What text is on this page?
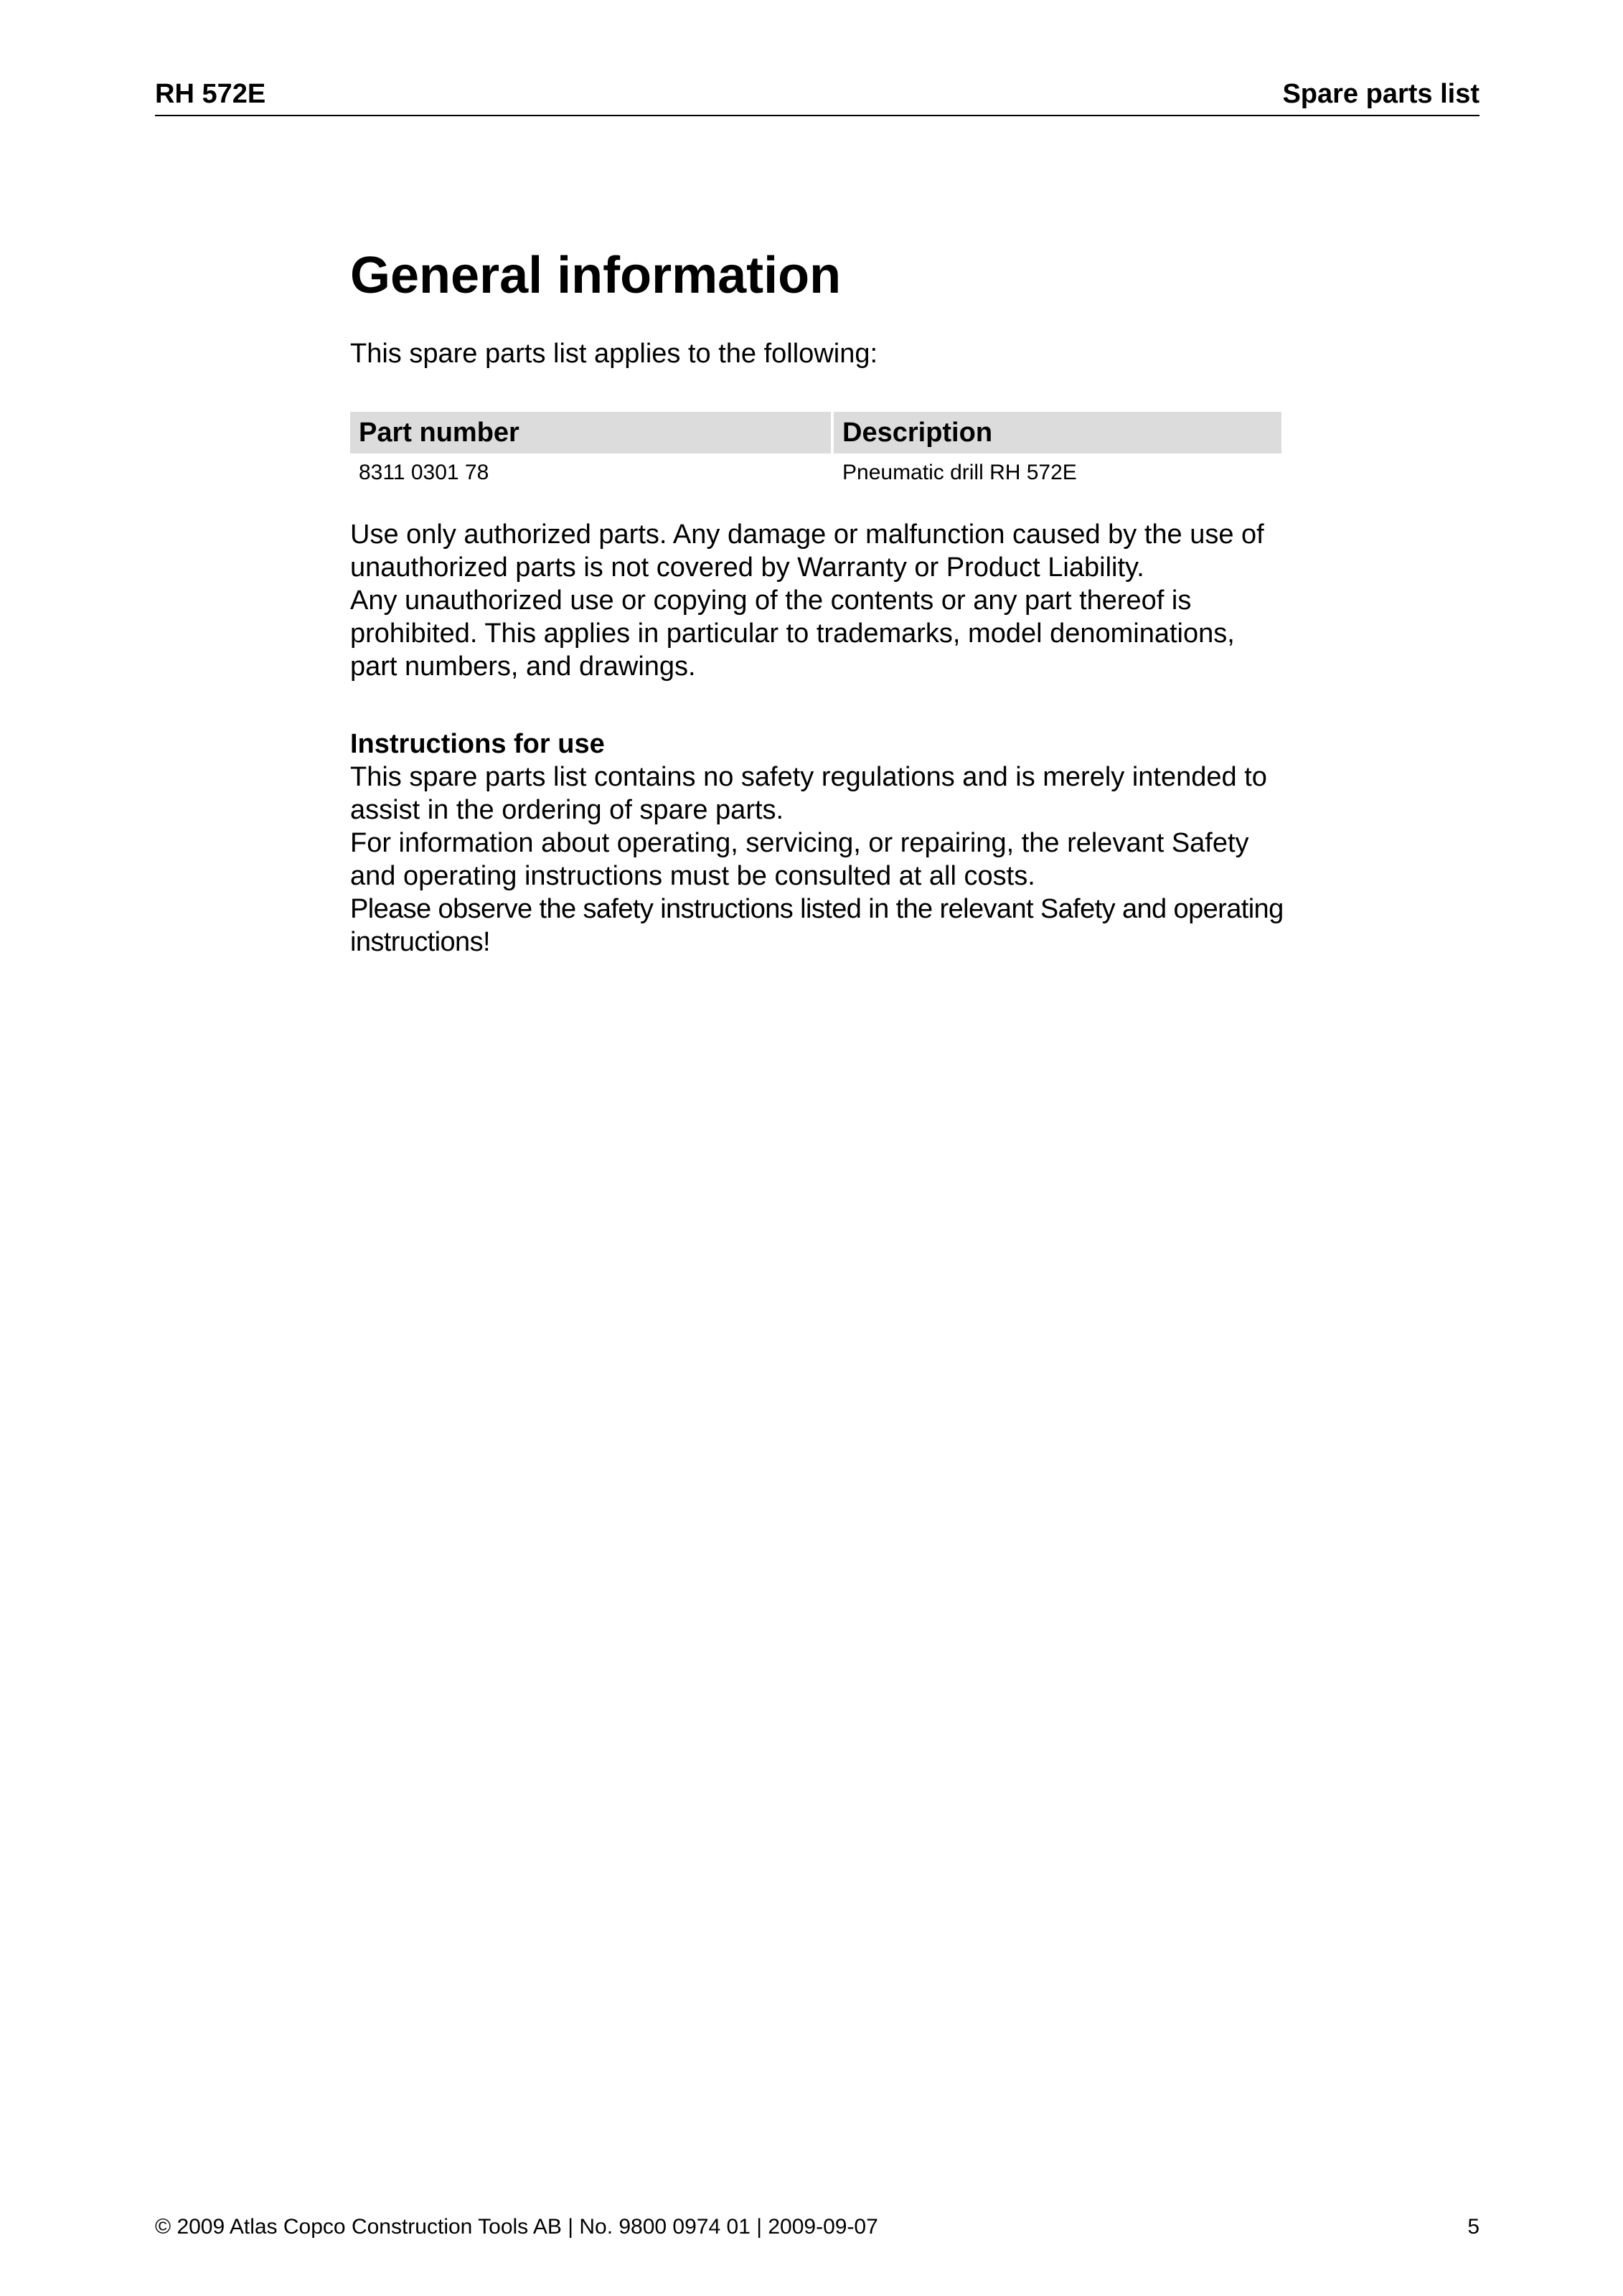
RH 572E	Spare parts list
General information

This spare parts list applies to the following:

Part number	Description
8311 0301 78	Pneumatic drill RH 572E

Use only authorized parts. Any damage or malfunction caused by the use of unauthorized parts is not covered by Warranty or Product Liability.

Any unauthorized use or copying of the contents or any part thereof is prohibited. This applies in particular to trademarks, model denominations, part numbers, and drawings.

Instructions for use

This spare parts list contains no safety regulations and is merely intended to assist in the ordering of spare parts.

For information about operating, servicing, or repairing, the relevant Safety and operating instructions must be consulted at all costs.

Please observe the safety instructions listed in the relevant Safety and operating instructions!

© 2009 Atlas Copco Construction Tools AB | No. 9800 0974 01 | 2009-09-07	5
